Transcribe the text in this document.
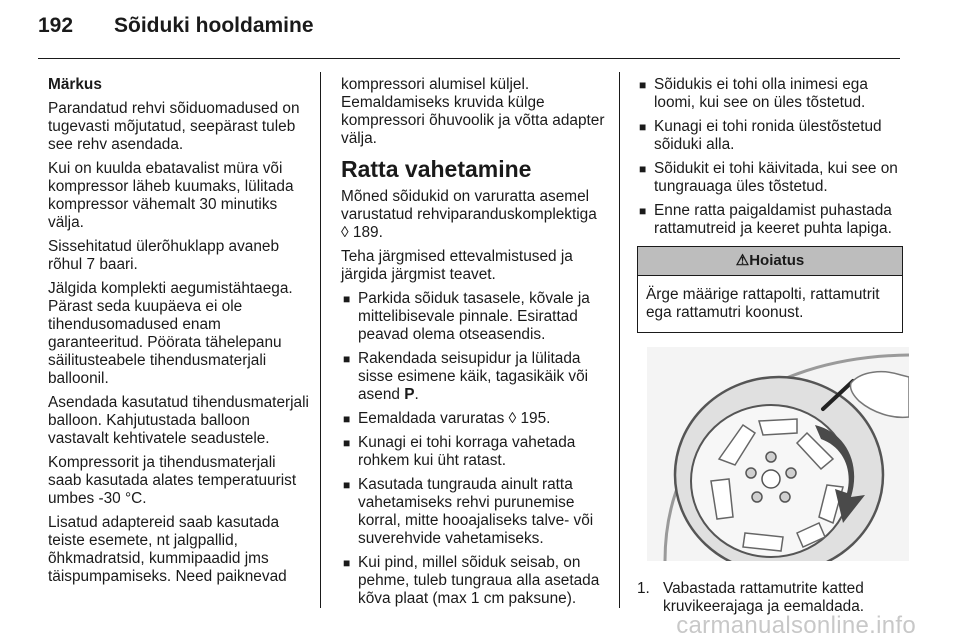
192	Sõiduki hooldamine

Märkus

Parandatud rehvi sõiduomadused on tugevasti mõjutatud, seepärast tuleb see rehv asendada.

Kui on kuulda ebatavalist müra või kompressor läheb kuumaks, lülitada kompressor vähemalt 30 minutiks välja.

Sissehitatud ülerõhuklapp avaneb rõhul 7 baari.

Jälgida komplekti aegumistähtaega. Pärast seda kuupäeva ei ole tihendusomadused enam garanteeritud. Pöörata tähelepanu säilitusteabele tihendusmaterjali balloonil.

Asendada kasutatud tihendusmaterjali balloon. Kahjutustada balloon vastavalt kehtivatele seadustele.

Kompressorit ja tihendusmaterjali saab kasutada alates temperatuurist umbes -30 °C.

Lisatud adaptereid saab kasutada teiste esemete, nt jalgpallid, õhkmadratsid, kummipaadid jms täispumpamiseks. Need paiknevad

kompressori alumisel küljel. Eemaldamiseks kruvida külge kompressori õhuvoolik ja võtta adapter välja.

Ratta vahetamine

Mõned sõidukid on varuratta asemel varustatud rehviparanduskomplektiga ◊ 189.

Teha järgmised ettevalmistused ja järgida järgmist teavet.

■ Parkida sõiduk tasasele, kõvale ja mittelibisevale pinnale. Esirattad peavad olema otseasendis.
■ Rakendada seisupidur ja lülitada sisse esimene käik, tagasikäik või asend P.
■ Eemaldada varuratas ◊ 195.
■ Kunagi ei tohi korraga vahetada rohkem kui üht ratast.
■ Kasutada tungrauda ainult ratta vahetamiseks rehvi purunemise korral, mitte hooajaliseks talve- või suverehvide vahetamiseks.
■ Kui pind, millel sõiduk seisab, on pehme, tuleb tungraua alla asetada kõva plaat (max 1 cm paksune).
■ Sõidukis ei tohi olla inimesi ega loomi, kui see on üles tõstetud.
■ Kunagi ei tohi ronida ülestõstetud sõiduki alla.
■ Sõidukit ei tohi käivitada, kui see on tungrauaga üles tõstetud.
■ Enne ratta paigaldamist puhastada rattamutreid ja keeret puhta lapiga.
⚠Hoiatus
Ärge määrige rattapolti, rattamutrit ega rattamutri koonust.
1. Vabastada rattamutrite katted kruvikeerajaga ja eemaldada.
carmanualsonline.info
